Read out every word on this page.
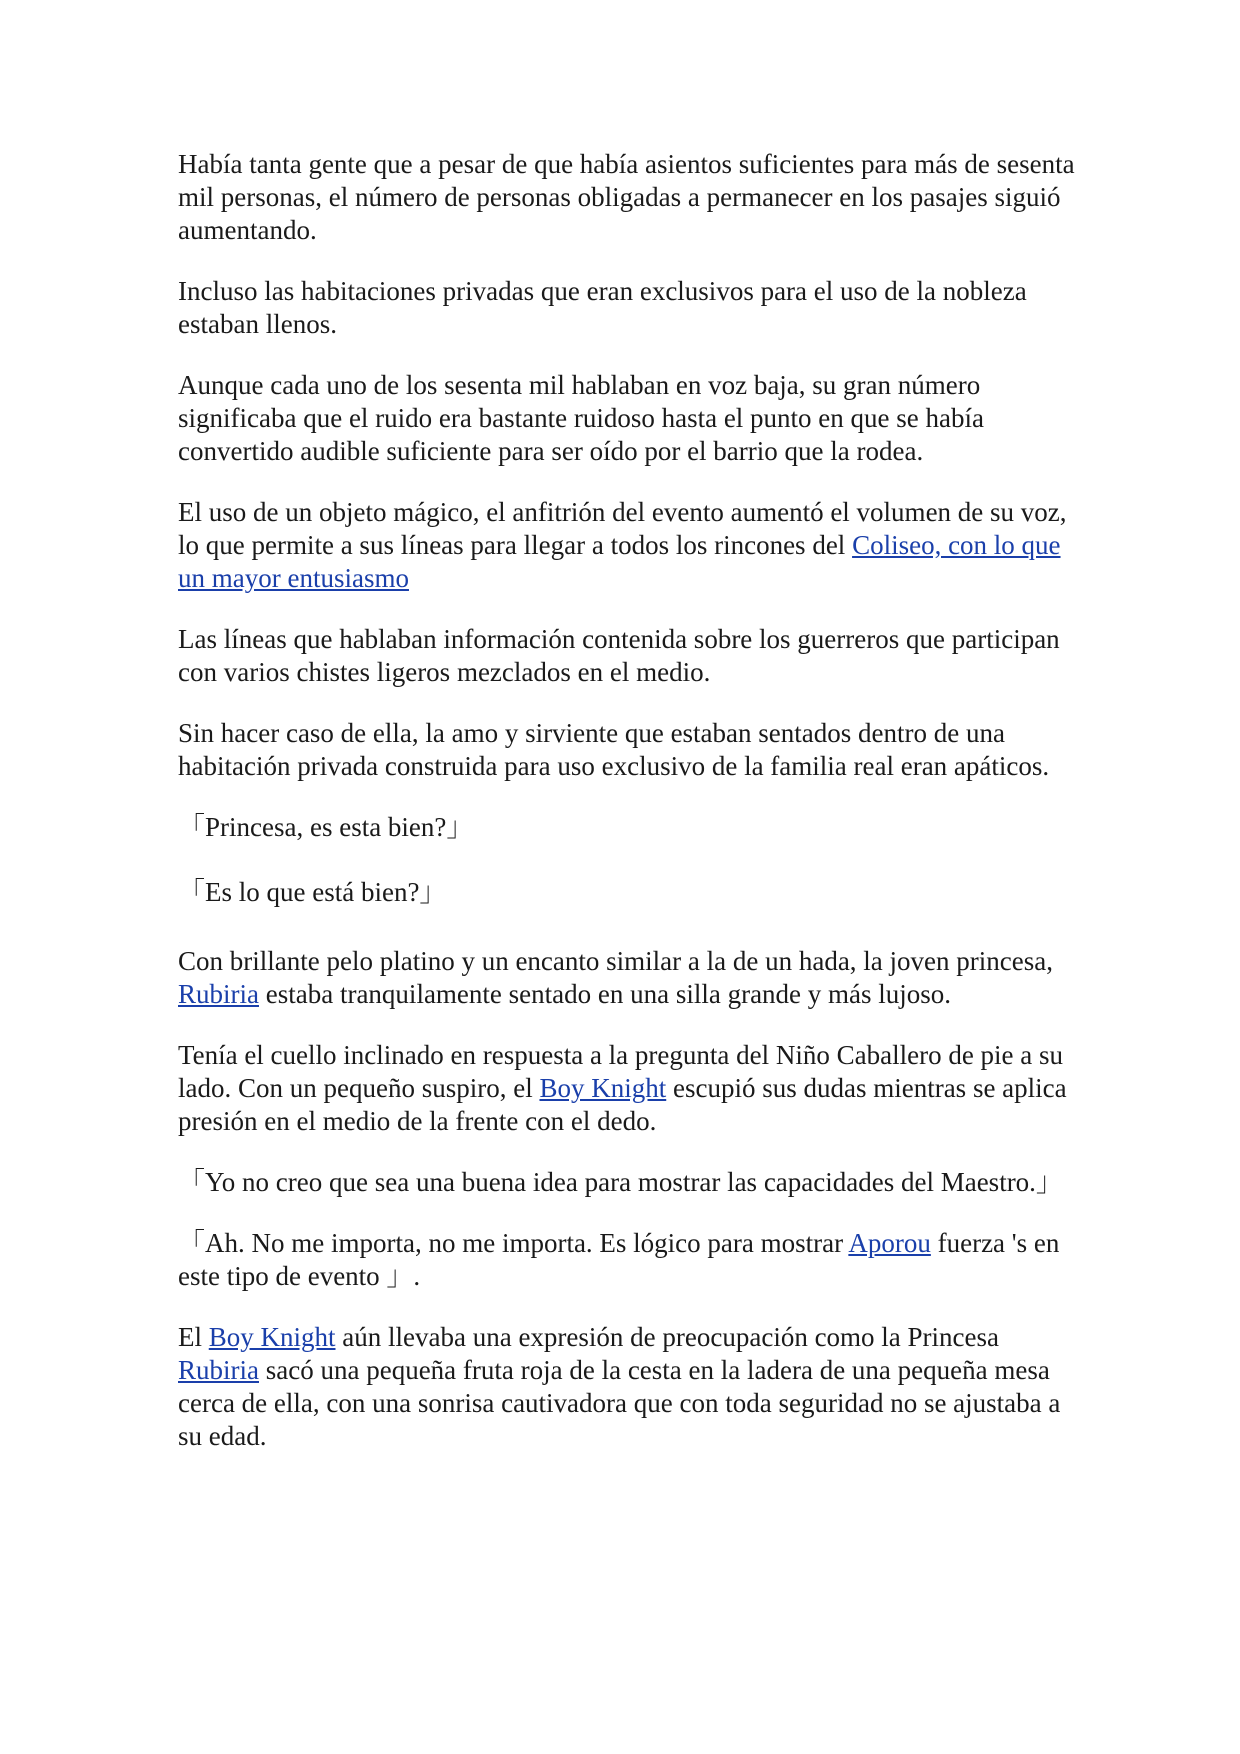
Había tanta gente que a pesar de que había asientos suficientes para más de sesenta mil personas, el número de personas obligadas a permanecer en los pasajes siguió aumentando.

Incluso las habitaciones privadas que eran exclusivos para el uso de la nobleza estaban llenos.

Aunque cada uno de los sesenta mil hablaban en voz baja, su gran número significaba que el ruido era bastante ruidoso hasta el punto en que se había convertido audible suficiente para ser oído por el barrio que la rodea.

El uso de un objeto mágico, el anfitrión del evento aumentó el volumen de su voz, lo que permite a sus líneas para llegar a todos los rincones del Coliseo, con lo que un mayor entusiasmo

Las líneas que hablaban información contenida sobre los guerreros que participan con varios chistes ligeros mezclados en el medio.

Sin hacer caso de ella, la amo y sirviente que estaban sentados dentro de una habitación privada construida para uso exclusivo de la familia real eran apáticos.

「Princesa, es esta bien?」

「Es lo que está bien?」

Con brillante pelo platino y un encanto similar a la de un hada, la joven princesa, Rubiria estaba tranquilamente sentado en una silla grande y más lujoso.

Tenía el cuello inclinado en respuesta a la pregunta del Niño Caballero de pie a su lado. Con un pequeño suspiro, el Boy Knight escupió sus dudas mientras se aplica presión en el medio de la frente con el dedo.

「Yo no creo que sea una buena idea para mostrar las capacidades del Maestro.」

「Ah. No me importa, no me importa. Es lógico para mostrar Aporou fuerza 's en este tipo de evento 」.

El Boy Knight aún llevaba una expresión de preocupación como la Princesa Rubiria sacó una pequeña fruta roja de la cesta en la ladera de una pequeña mesa cerca de ella, con una sonrisa cautivadora que con toda seguridad no se ajustaba a su edad.
